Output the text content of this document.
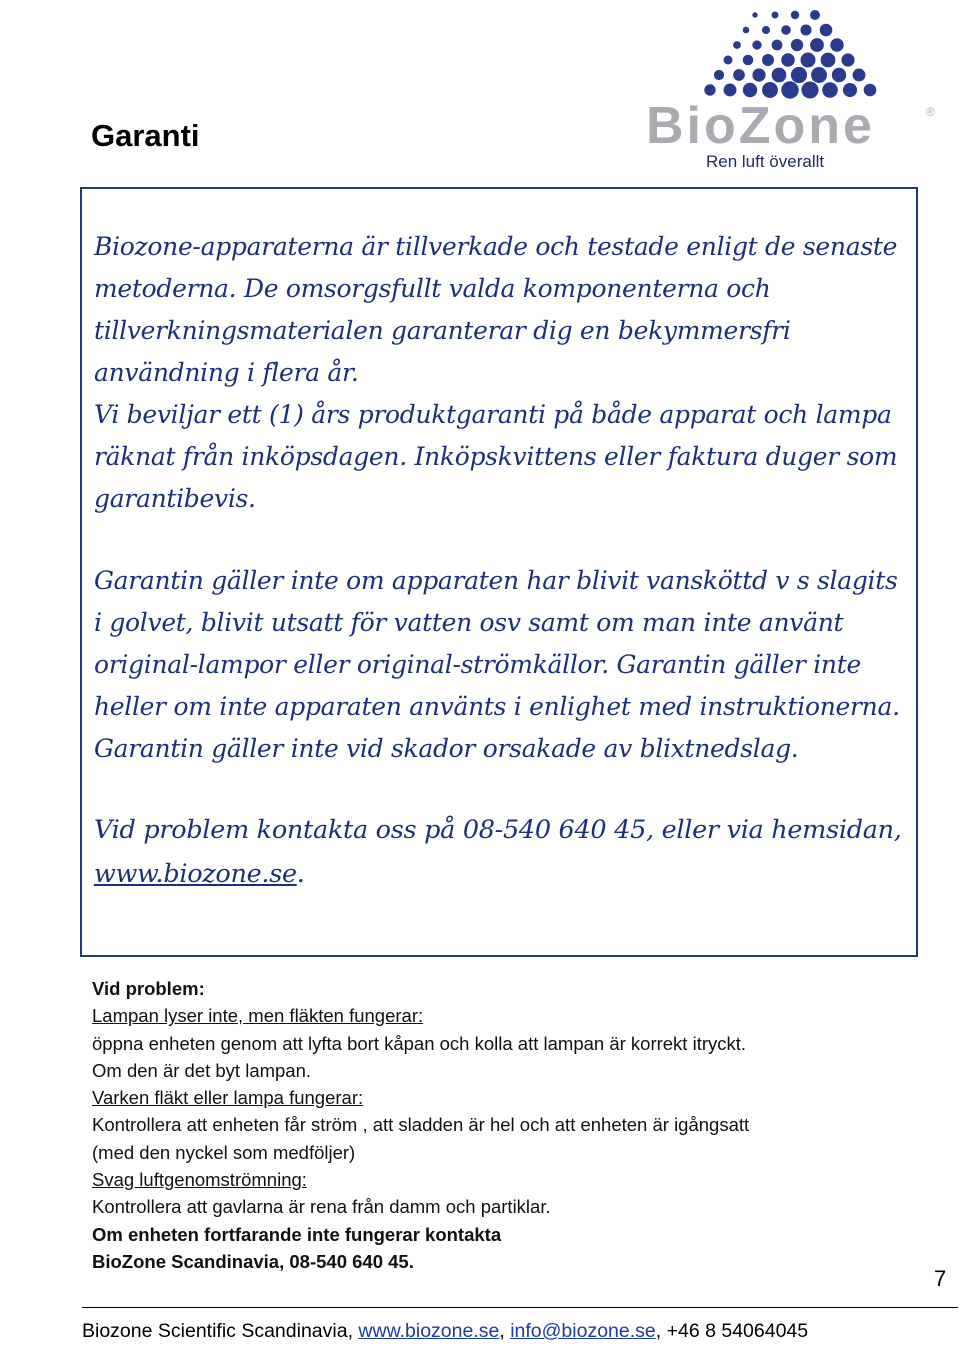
Garanti	BioZone	®
Ren luft överallt
Biozone-apparaterna är tillverkade och testade enligt de senaste
metoderna. De omsorgsfullt valda komponenterna och
tillverkningsmaterialen garanterar dig en bekymmersfri
användning i flera år.
Vi beviljar ett (1) års produktgaranti på både apparat och lampa
räknat från inköpsdagen. Inköpskvittens eller faktura duger som
garantibevis.
Garantin gäller inte om apparaten har blivit vansköttd v s slagits
i golvet, blivit utsatt för vatten osv samt om man inte använt
original-lampor eller original-strömkällor. Garantin gäller inte
heller om inte apparaten använts i enlighet med instruktionerna.
Garantin gäller inte vid skador orsakade av blixtnedslag.
Vid problem kontakta oss på 08-540 640 45, eller via hemsidan,
www.biozone.se.
Vid problem:
Lampan lyser inte, men fläkten fungerar:
öppna enheten genom att lyfta bort kåpan och kolla att lampan är korrekt itryckt.
Om den är det byt lampan.
Varken fläkt eller lampa fungerar:
Kontrollera att enheten får ström , att sladden är hel och att enheten är igångsatt
(med den nyckel som medföljer)
Svag luftgenomströmning:
Kontrollera att gavlarna är rena från damm och partiklar.
Om enheten fortfarande inte fungerar kontakta
BioZone Scandinavia, 08-540 640 45.
7
Biozone Scientific Scandinavia, www.biozone.se, info@biozone.se, +46 8 54064045
